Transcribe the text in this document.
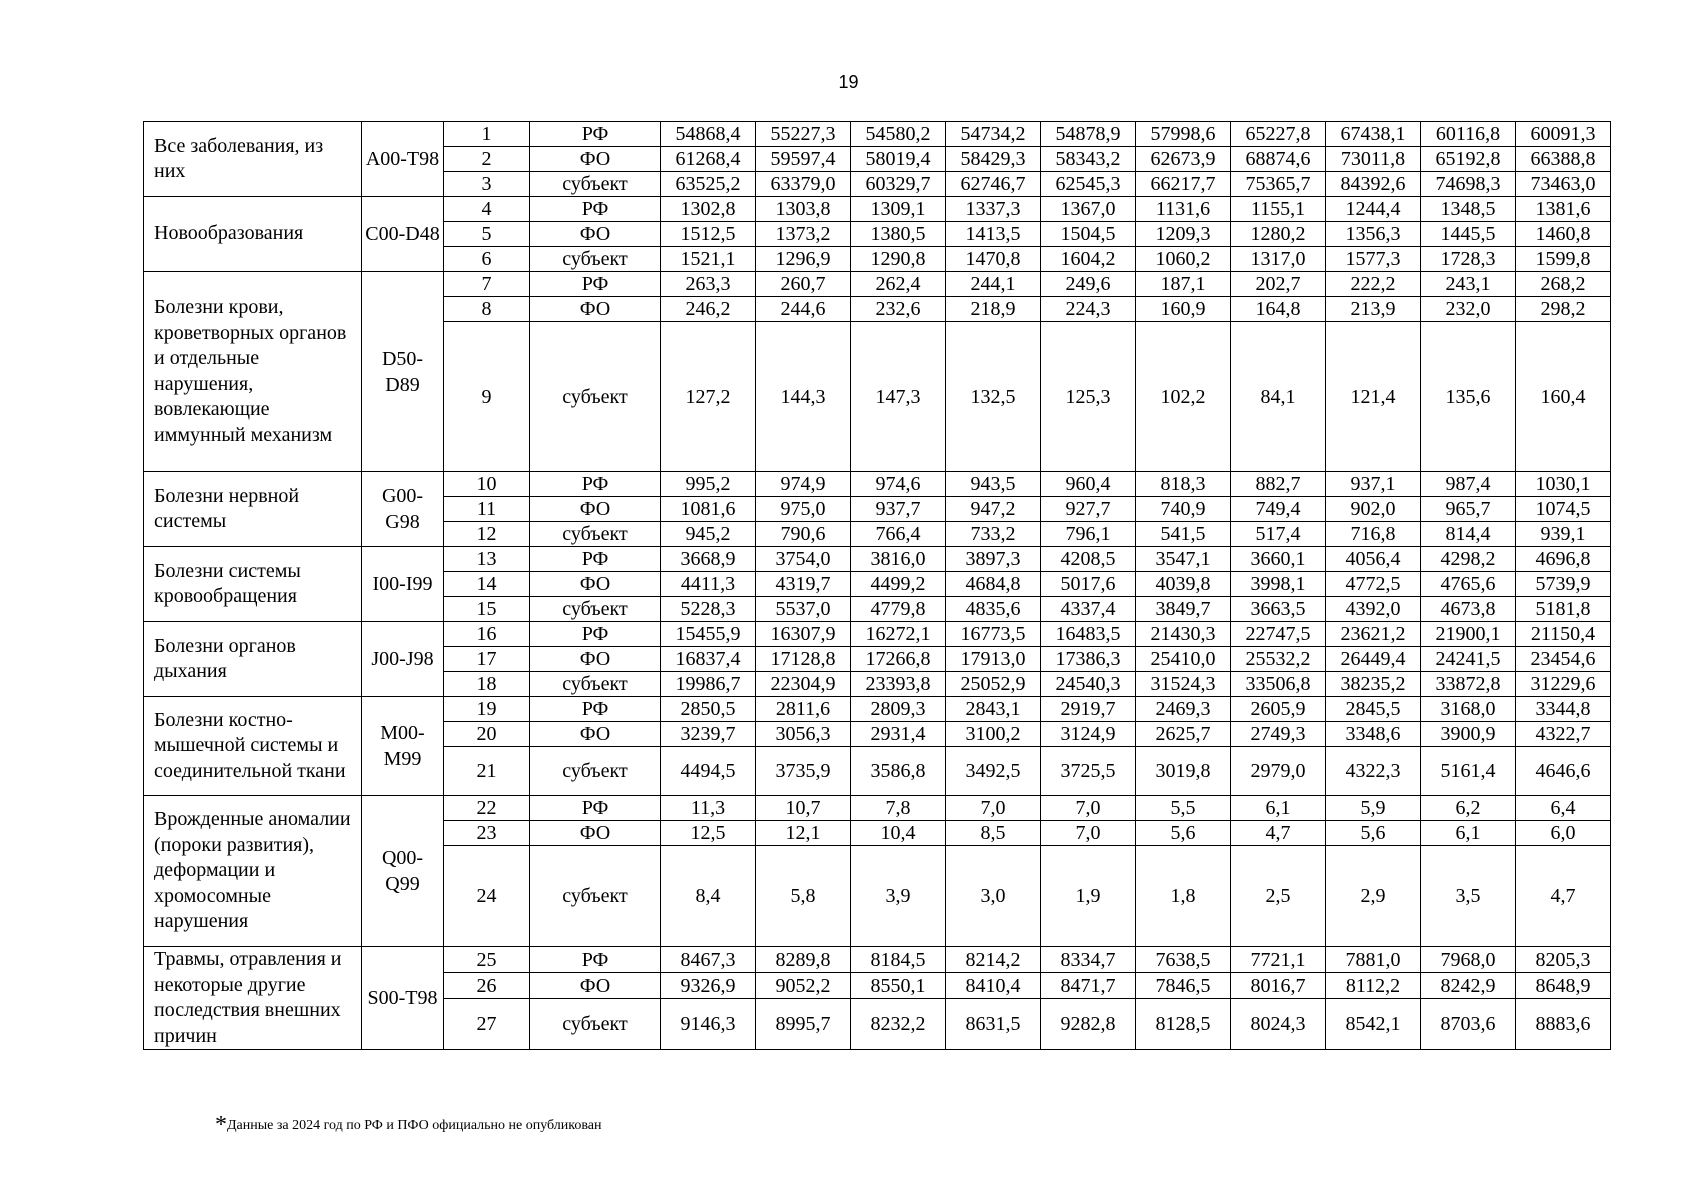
19
Все заболевания, из них	A00-T98	1	РФ	54868,4	55227,3	54580,2	54734,2	54878,9	57998,6	65227,8	67438,1	60116,8	60091,3
		2	ФО	61268,4	59597,4	58019,4	58429,3	58343,2	62673,9	68874,6	73011,8	65192,8	66388,8
		3	субъект	63525,2	63379,0	60329,7	62746,7	62545,3	66217,7	75365,7	84392,6	74698,3	73463,0
Новообразования	C00-D48	4	РФ	1302,8	1303,8	1309,1	1337,3	1367,0	1131,6	1155,1	1244,4	1348,5	1381,6
		5	ФО	1512,5	1373,2	1380,5	1413,5	1504,5	1209,3	1280,2	1356,3	1445,5	1460,8
		6	субъект	1521,1	1296,9	1290,8	1470,8	1604,2	1060,2	1317,0	1577,3	1728,3	1599,8
Болезни крови, кроветворных органов и отдельные нарушения, вовлекающие иммунный механизм	D50-D89	7	РФ	263,3	260,7	262,4	244,1	249,6	187,1	202,7	222,2	243,1	268,2
		8	ФО	246,2	244,6	232,6	218,9	224,3	160,9	164,8	213,9	232,0	298,2
		9	субъект	127,2	144,3	147,3	132,5	125,3	102,2	84,1	121,4	135,6	160,4
Болезни нервной системы	G00-G98	10	РФ	995,2	974,9	974,6	943,5	960,4	818,3	882,7	937,1	987,4	1030,1
		11	ФО	1081,6	975,0	937,7	947,2	927,7	740,9	749,4	902,0	965,7	1074,5
		12	субъект	945,2	790,6	766,4	733,2	796,1	541,5	517,4	716,8	814,4	939,1
Болезни системы кровообращения	I00-I99	13	РФ	3668,9	3754,0	3816,0	3897,3	4208,5	3547,1	3660,1	4056,4	4298,2	4696,8
		14	ФО	4411,3	4319,7	4499,2	4684,8	5017,6	4039,8	3998,1	4772,5	4765,6	5739,9
		15	субъект	5228,3	5537,0	4779,8	4835,6	4337,4	3849,7	3663,5	4392,0	4673,8	5181,8
Болезни органов дыхания	J00-J98	16	РФ	15455,9	16307,9	16272,1	16773,5	16483,5	21430,3	22747,5	23621,2	21900,1	21150,4
		17	ФО	16837,4	17128,8	17266,8	17913,0	17386,3	25410,0	25532,2	26449,4	24241,5	23454,6
		18	субъект	19986,7	22304,9	23393,8	25052,9	24540,3	31524,3	33506,8	38235,2	33872,8	31229,6
Болезни костно-мышечной системы и соединительной ткани	M00-M99	19	РФ	2850,5	2811,6	2809,3	2843,1	2919,7	2469,3	2605,9	2845,5	3168,0	3344,8
		20	ФО	3239,7	3056,3	2931,4	3100,2	3124,9	2625,7	2749,3	3348,6	3900,9	4322,7
		21	субъект	4494,5	3735,9	3586,8	3492,5	3725,5	3019,8	2979,0	4322,3	5161,4	4646,6
Врожденные аномалии (пороки развития), деформации и хромосомные нарушения	Q00-Q99	22	РФ	11,3	10,7	7,8	7,0	7,0	5,5	6,1	5,9	6,2	6,4
		23	ФО	12,5	12,1	10,4	8,5	7,0	5,6	4,7	5,6	6,1	6,0
		24	субъект	8,4	5,8	3,9	3,0	1,9	1,8	2,5	2,9	3,5	4,7
Травмы, отравления и некоторые другие последствия внешних причин	S00-T98	25	РФ	8467,3	8289,8	8184,5	8214,2	8334,7	7638,5	7721,1	7881,0	7968,0	8205,3
		26	ФО	9326,9	9052,2	8550,1	8410,4	8471,7	7846,5	8016,7	8112,2	8242,9	8648,9
		27	субъект	9146,3	8995,7	8232,2	8631,5	9282,8	8128,5	8024,3	8542,1	8703,6	8883,6
*Данные за 2024 год по РФ и ПФО официально не опубликован
